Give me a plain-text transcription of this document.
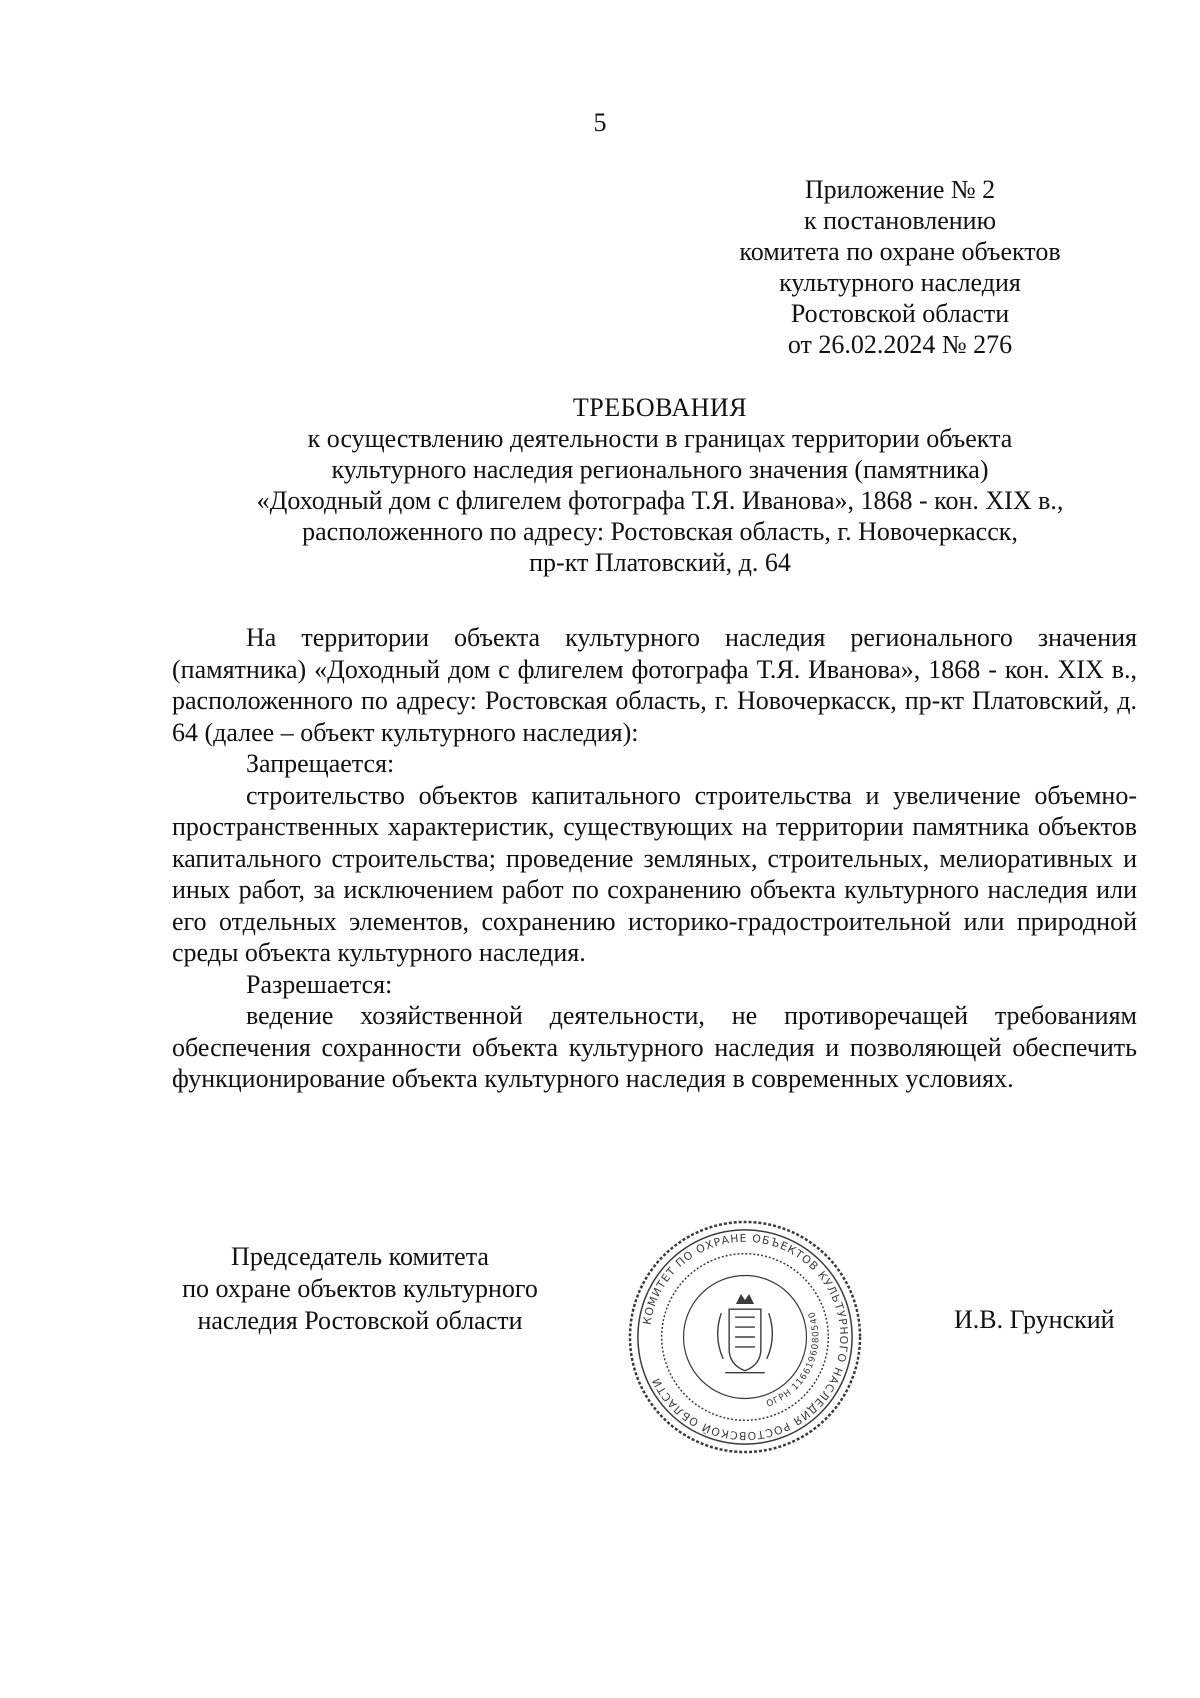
5
Приложение № 2
к постановлению
комитета по охране объектов
культурного наследия
Ростовской области
от 26.02.2024 № 276
ТРЕБОВАНИЯ
к осуществлению деятельности в границах территории объекта
культурного наследия регионального значения (памятника)
«Доходный дом с флигелем фотографа Т.Я. Иванова», 1868 - кон. XIX в.,
расположенного по адресу: Ростовская область, г. Новочеркасск,
пр-кт Платовский, д. 64

На территории объекта культурного наследия регионального значения (памятника) «Доходный дом с флигелем фотографа Т.Я. Иванова», 1868 - кон. XIX в., расположенного по адресу: Ростовская область, г. Новочеркасск, пр-кт Платовский, д. 64 (далее – объект культурного наследия):

Запрещается:

строительство объектов капитального строительства и увеличение объемно-пространственных характеристик, существующих на территории памятника объектов капитального строительства; проведение земляных, строительных, мелиоративных и иных работ, за исключением работ по сохранению объекта культурного наследия или его отдельных элементов, сохранению историко-градостроительной или природной среды объекта культурного наследия.

Разрешается:

ведение хозяйственной деятельности, не противоречащей требованиям обеспечения сохранности объекта культурного наследия и позволяющей обеспечить функционирование объекта культурного наследия в современных условиях.

Председатель комитета
по охране объектов культурного
наследия Ростовской области	И.В. Грунский
КОМИТЕТ ПО ОХРАНЕ ОБЪЕКТОВ КУЛЬТУРНОГО НАСЛЕДИЯ РОСТОВСКОЙ ОБЛАСТИ
ОГРН 1166196080540
